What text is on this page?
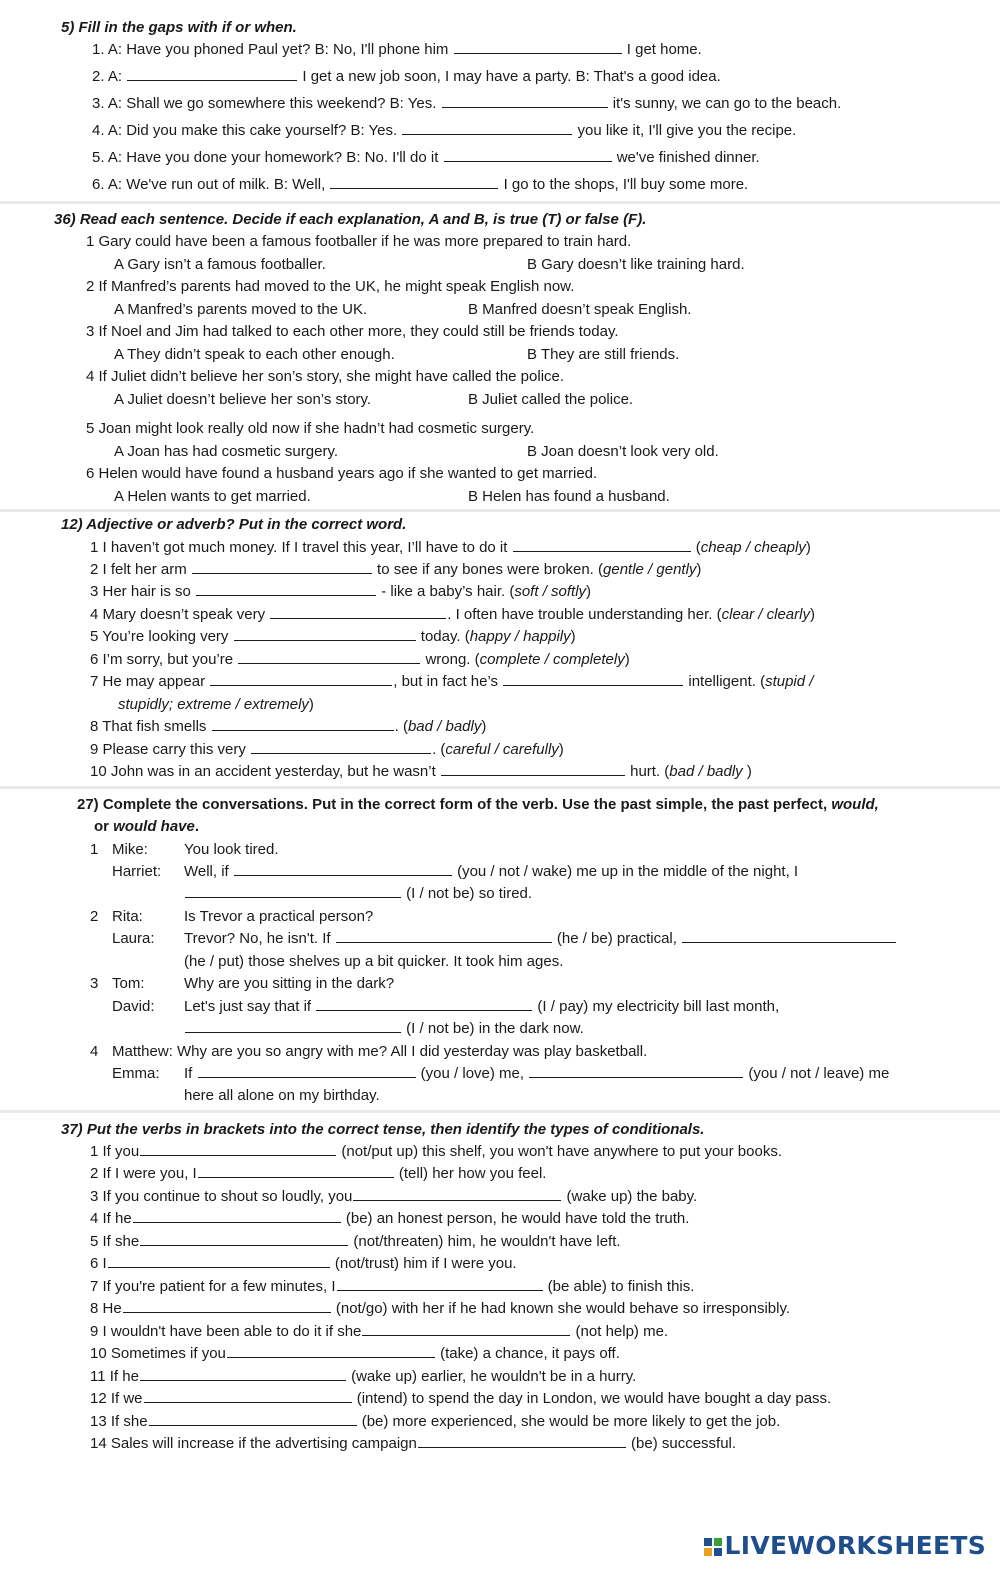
5) Fill in the gaps with if or when.
1. A: Have you phoned Paul yet? B: No, I'll phone him	I get home.
2. A:	I get a new job soon, I may have a party. B: That's a good idea.
3. A: Shall we go somewhere this weekend? B: Yes.	it's sunny, we can go to the beach.
4. A: Did you make this cake yourself? B: Yes.	you like it, I'll give you the recipe.
5. A: Have you done your homework? B: No. I'll do it	we've finished dinner.
6. A: We've run out of milk. B: Well,	I go to the shops, I'll buy some more.
36) Read each sentence. Decide if each explanation, A and B, is true (T) or false (F).
1 Gary could have been a famous footballer if he was more prepared to train hard.
A Gary isn’t a famous footballer.	B Gary doesn’t like training hard.
2 If Manfred’s parents had moved to the UK, he might speak English now.
A Manfred’s parents moved to the UK.	B Manfred doesn’t speak English.
3 If Noel and Jim had talked to each other more, they could still be friends today.
A They didn’t speak to each other enough.	B They are still friends.
4 If Juliet didn’t believe her son’s story, she might have called the police.
A Juliet doesn’t believe her son’s story.	B Juliet called the police.
5 Joan might look really old now if she hadn’t had cosmetic surgery.
A Joan has had cosmetic surgery.	B Joan doesn’t look very old.
6 Helen would have found a husband years ago if she wanted to get married.
A Helen wants to get married.	B Helen has found a husband.
12) Adjective or adverb? Put in the correct word.
1 I haven’t got much money. If I travel this year, I’ll have to do it	(cheap / cheaply)
2 I felt her arm	to see if any bones were broken. (gentle / gently)
3 Her hair is so	- like a baby’s hair. (soft / softly)
4 Mary doesn’t speak very	. I often have trouble understanding her. (clear / clearly)
5 You’re looking very	today. (happy / happily)
6 I’m sorry, but you’re	wrong. (complete / completely)
7 He may appear	, but in fact he’s	intelligent. (stupid /
stupidly; extreme / extremely)
8 That fish smells	. (bad / badly)
9 Please carry this very	. (careful / carefully)
10 John was in an accident yesterday, but he wasn’t	hurt. (bad / badly )
27) Complete the conversations. Put in the correct form of the verb. Use the past simple, the past perfect, would,
or would have.
1 Mike: You look tired.
Harriet: Well, if	(you / not / wake) me up in the middle of the night, I
(I / not be) so tired.
2 Rita:	Is Trevor a practical person?
Laura: Trevor? No, he isn't. If	(he / be) practical,
(he / put) those shelves up a bit quicker. It took him ages.
3 Tom:	Why are you sitting in the dark?
David: Let's just say that if	(I / pay) my electricity bill last month,
(I / not be) in the dark now.
4 Matthew: Why are you so angry with me? All I did yesterday was play basketball.
Emma: If	(you / love) me,	(you / not / leave) me
here all alone on my birthday.
37) Put the verbs in brackets into the correct tense, then identify the types of conditionals.
1 If you	(not/put up) this shelf, you won't have anywhere to put your books.
2 If I were you, I	(tell) her how you feel.
3 If you continue to shout so loudly, you	(wake up) the baby.
4 If he	(be) an honest person, he would have told the truth.
5 If she	(not/threaten) him, he wouldn't have left.
6 I	(not/trust) him if I were you.
7 If you're patient for a few minutes, I	(be able) to finish this.
8 He	(not/go) with her if he had known she would behave so irresponsibly.
9 I wouldn't have been able to do it if she	(not help) me.
10 Sometimes if you	(take) a chance, it pays off.
11 If he	(wake up) earlier, he wouldn't be in a hurry.
12 If we	(intend) to spend the day in London, we would have bought a day pass.
13 If she	(be) more experienced, she would be more likely to get the job.
14 Sales will increase if the advertising campaign	(be) successful.
LIVEWORKSHEETS
